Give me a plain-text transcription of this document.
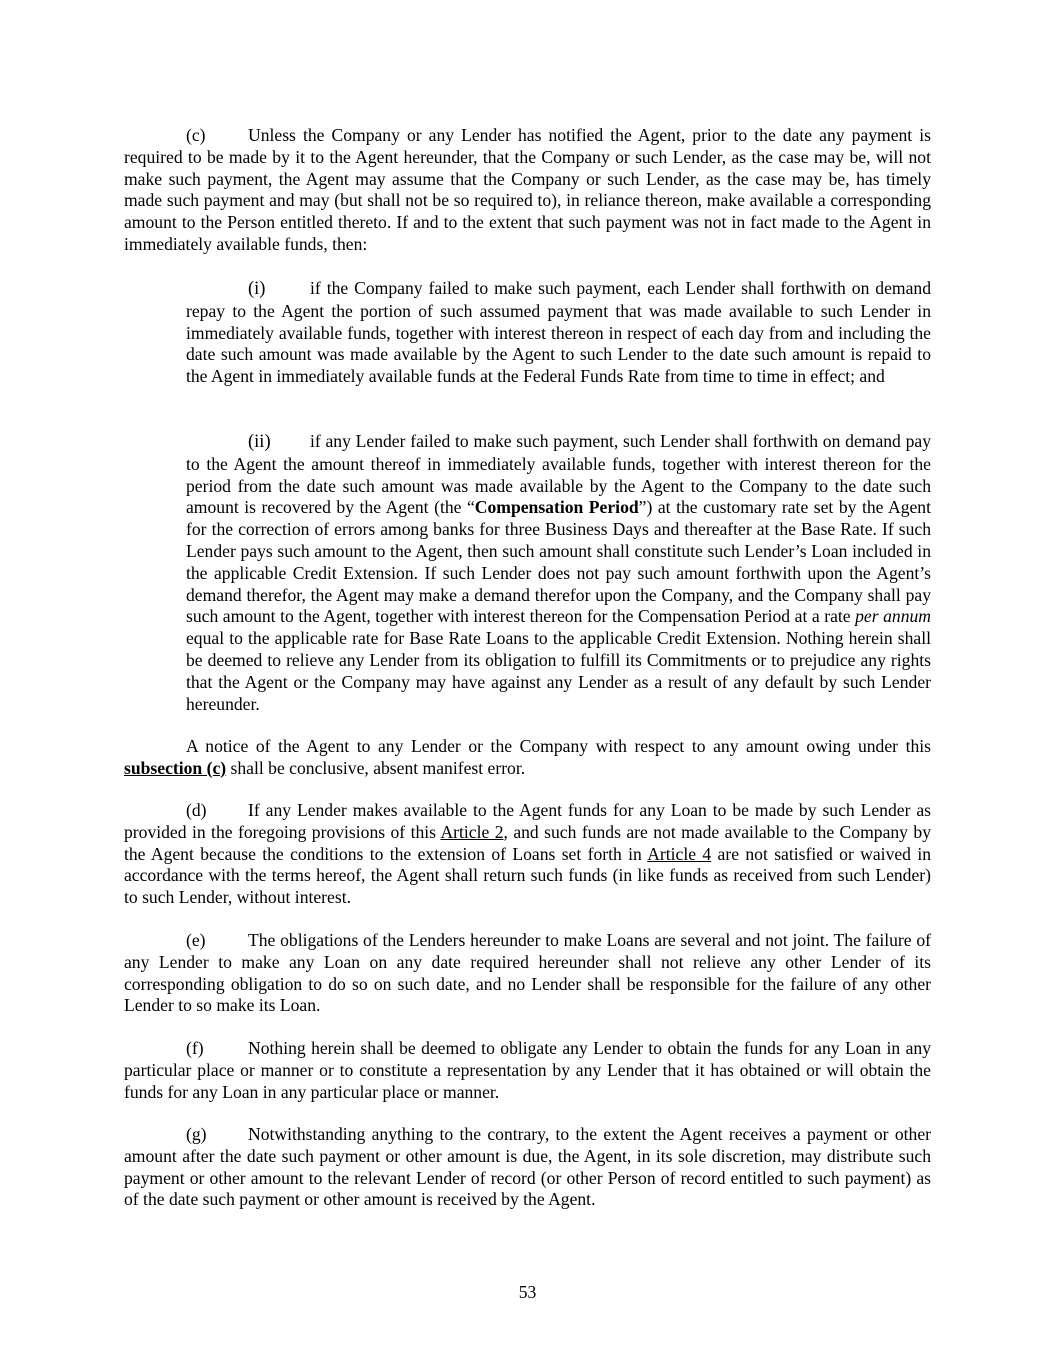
(c) Unless the Company or any Lender has notified the Agent, prior to the date any payment is required to be made by it to the Agent hereunder, that the Company or such Lender, as the case may be, will not make such payment, the Agent may assume that the Company or such Lender, as the case may be, has timely made such payment and may (but shall not be so required to), in reliance thereon, make available a corresponding amount to the Person entitled thereto. If and to the extent that such payment was not in fact made to the Agent in immediately available funds, then:

(i)	if the Company failed to make such payment, each Lender shall forthwith on demand repay to the Agent the portion of such assumed payment that was made available to such Lender in immediately available funds, together with interest thereon in respect of each day from and including the date such amount was made available by the Agent to such Lender to the date such amount is repaid to the Agent in immediately available funds at the Federal Funds Rate from time to time in effect; and

(ii) if any Lender failed to make such payment, such Lender shall forthwith on demand pay to the Agent the amount thereof in immediately available funds, together with interest thereon for the period from the date such amount was made available by the Agent to the Company to the date such amount is recovered by the Agent (the “Compensation Period”) at the customary rate set by the Agent for the correction of errors among banks for three Business Days and thereafter at the Base Rate. If such Lender pays such amount to the Agent, then such amount shall constitute such Lender’s Loan included in the applicable Credit Extension. If such Lender does not pay such amount forthwith upon the Agent’s demand therefor, the Agent may make a demand therefor upon the Company, and the Company shall pay such amount to the Agent, together with interest thereon for the Compensation Period at a rate per annum equal to the applicable rate for Base Rate Loans to the applicable Credit Extension. Nothing herein shall be deemed to relieve any Lender from its obligation to fulfill its Commitments or to prejudice any rights that the Agent or the Company may have against any Lender as a result of any default by such Lender hereunder.

A notice of the Agent to any Lender or the Company with respect to any amount owing under this subsection (c) shall be conclusive, absent manifest error.

(d) If any Lender makes available to the Agent funds for any Loan to be made by such Lender as provided in the foregoing provisions of this Article 2, and such funds are not made available to the Company by the Agent because the conditions to the extension of Loans set forth in Article 4 are not satisfied or waived in accordance with the terms hereof, the Agent shall return such funds (in like funds as received from such Lender) to such Lender, without interest.

(e) The obligations of the Lenders hereunder to make Loans are several and not joint. The failure of any Lender to make any Loan on any date required hereunder shall not relieve any other Lender of its corresponding obligation to do so on such date, and no Lender shall be responsible for the failure of any other Lender to so make its Loan.

(f)	Nothing herein shall be deemed to obligate any Lender to obtain the funds for any Loan in any particular place or manner or to constitute a representation by any Lender that it has obtained or will obtain the funds for any Loan in any particular place or manner.

(g) Notwithstanding anything to the contrary, to the extent the Agent receives a payment or other amount after the date such payment or other amount is due, the Agent, in its sole discretion, may distribute such payment or other amount to the relevant Lender of record (or other Person of record entitled to such payment) as of the date such payment or other amount is received by the Agent.

53
